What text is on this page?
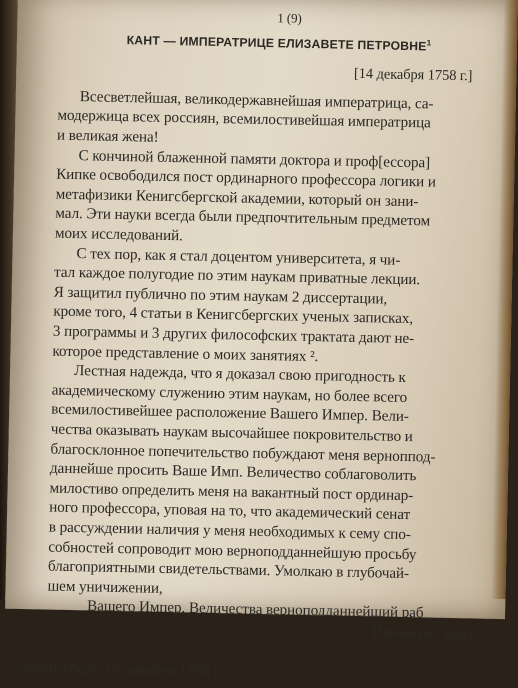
1 (9)
КАНТ — ИМПЕРАТРИЦЕ ЕЛИЗАВЕТЕ ПЕТРОВНЕ$^1$
[14 декабря 1758 г.]
Всесветлейшая, великодержавнейшая императрица, са-
модержица всех россиян, всемилостивейшая императрица
и великая жена!
С кончиной блаженной памяти доктора и проф[ессора]
Кипке освободился пост ординарного профессора логики и
метафизики Кенигсбергской академии, который он зани-
мал. Эти науки всегда были предпочтительным предметом
моих исследований.
С тех пор, как я стал доцентом университета, я чи-
тал каждое полугодие по этим наукам приватные лекции.
Я защитил публично по этим наукам 2 диссертации,
кроме того, 4 статьи в Кенигсбергских ученых записках,
3 программы и 3 других философских трактата дают не-
которое представление о моих занятиях ².
Лестная надежда, что я доказал свою пригодность к
академическому служению этим наукам, но более всего
всемилостивейшее расположение Вашего Импер. Вели-
чества оказывать наукам высочайшее покровительство и
благосклонное попечительство побуждают меня верноппод-
даннейше просить Ваше Имп. Величество соблаговолить
милостиво определить меня на вакантный пост ординар-
ного профессора, уповая на то, что академический сенат
в рассуждении наличия у меня необходимых к сему спо-
собностей сопроводит мою верноподданнейшую просьбу
благоприятными свидетельствами. Умолкаю в глубочай-
шем уничижении,
Вашего Импер. Величества верноподданнейший раб
Иммануил Кант.
Кенигсберг, 14 декабря 1758 г.
